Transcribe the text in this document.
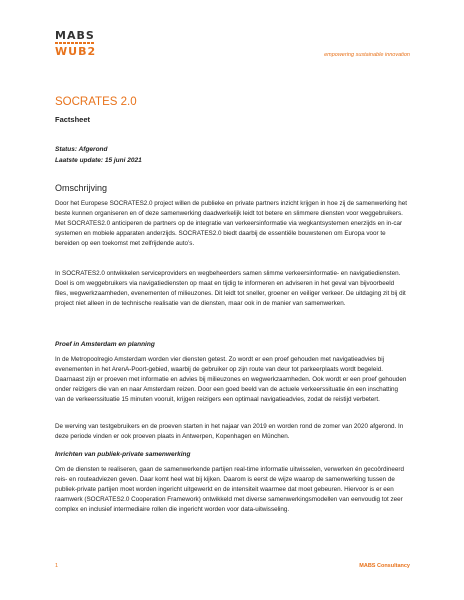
MABS
WUB2	empowering sustainable innovation
SOCRATES 2.0
Factsheet
Status: Afgerond
Laatste update: 15 juni 2021
Omschrijving

Door het Europese SOCRATES2.0 project willen de publieke en private partners inzicht krijgen in hoe zij de samenwerking het beste kunnen organiseren en of deze samenwerking daadwerkelijk leidt tot betere en slimmere diensten voor weggebruikers. Met SOCRATES2.0 anticiperen de partners op de integratie van verkeersinformatie via wegkantsystemen enerzijds en in-car systemen en mobiele apparaten anderzijds. SOCRATES2.0 biedt daarbij de essentiële bouwstenen om Europa voor te bereiden op een toekomst met zelfrijdende auto’s.

In SOCRATES2.0 ontwikkelen serviceproviders en wegbeheerders samen slimme verkeersinformatie- en navigatiediensten. Doel is om weggebruikers via navigatiediensten op maat en tijdig te informeren en adviseren in het geval van bijvoorbeeld files, wegwerkzaamheden, evenementen of milieuzones. Dit leidt tot sneller, groener en veiliger verkeer. De uitdaging zit bij dit project niet alleen in de technische realisatie van de diensten, maar ook in de manier van samenwerken.

Proef in Amsterdam en planning

In de Metropoolregio Amsterdam worden vier diensten getest. Zo wordt er een proef gehouden met navigatieadvies bij evenementen in het ArenA-Poort-gebied, waarbij de gebruiker op zijn route van deur tot parkeerplaats wordt begeleid. Daarnaast zijn er proeven met informatie en advies bij milieuzones en wegwerkzaamheden. Ook wordt er een proef gehouden onder reizigers die van en naar Amsterdam reizen. Door een goed beeld van de actuele verkeerssituatie én een inschatting van de verkeerssituatie 15 minuten vooruit, krijgen reizigers een optimaal navigatieadvies, zodat de reistijd verbetert.

De werving van testgebruikers en de proeven starten in het najaar van 2019 en worden rond de zomer van 2020 afgerond. In deze periode vinden er ook proeven plaats in Antwerpen, Kopenhagen en München.

Inrichten van publiek-private samenwerking

Om de diensten te realiseren, gaan de samenwerkende partijen real-time informatie uitwisselen, verwerken én gecoördineerd reis- en routeadviezen geven. Daar komt heel wat bij kijken. Daarom is eerst de wijze waarop de samenwerking tussen de publiek-private partijen moet worden ingericht uitgewerkt en de intensiteit waarmee dat moet gebeuren. Hiervoor is er een raamwerk (SOCRATES2.0 Cooperation Framework) ontwikkeld met diverse samenwerkingsmodellen van eenvoudig tot zeer complex en inclusief intermediaire rollen die ingericht worden voor data-uitwisseling.

1	MABS Consultancy
